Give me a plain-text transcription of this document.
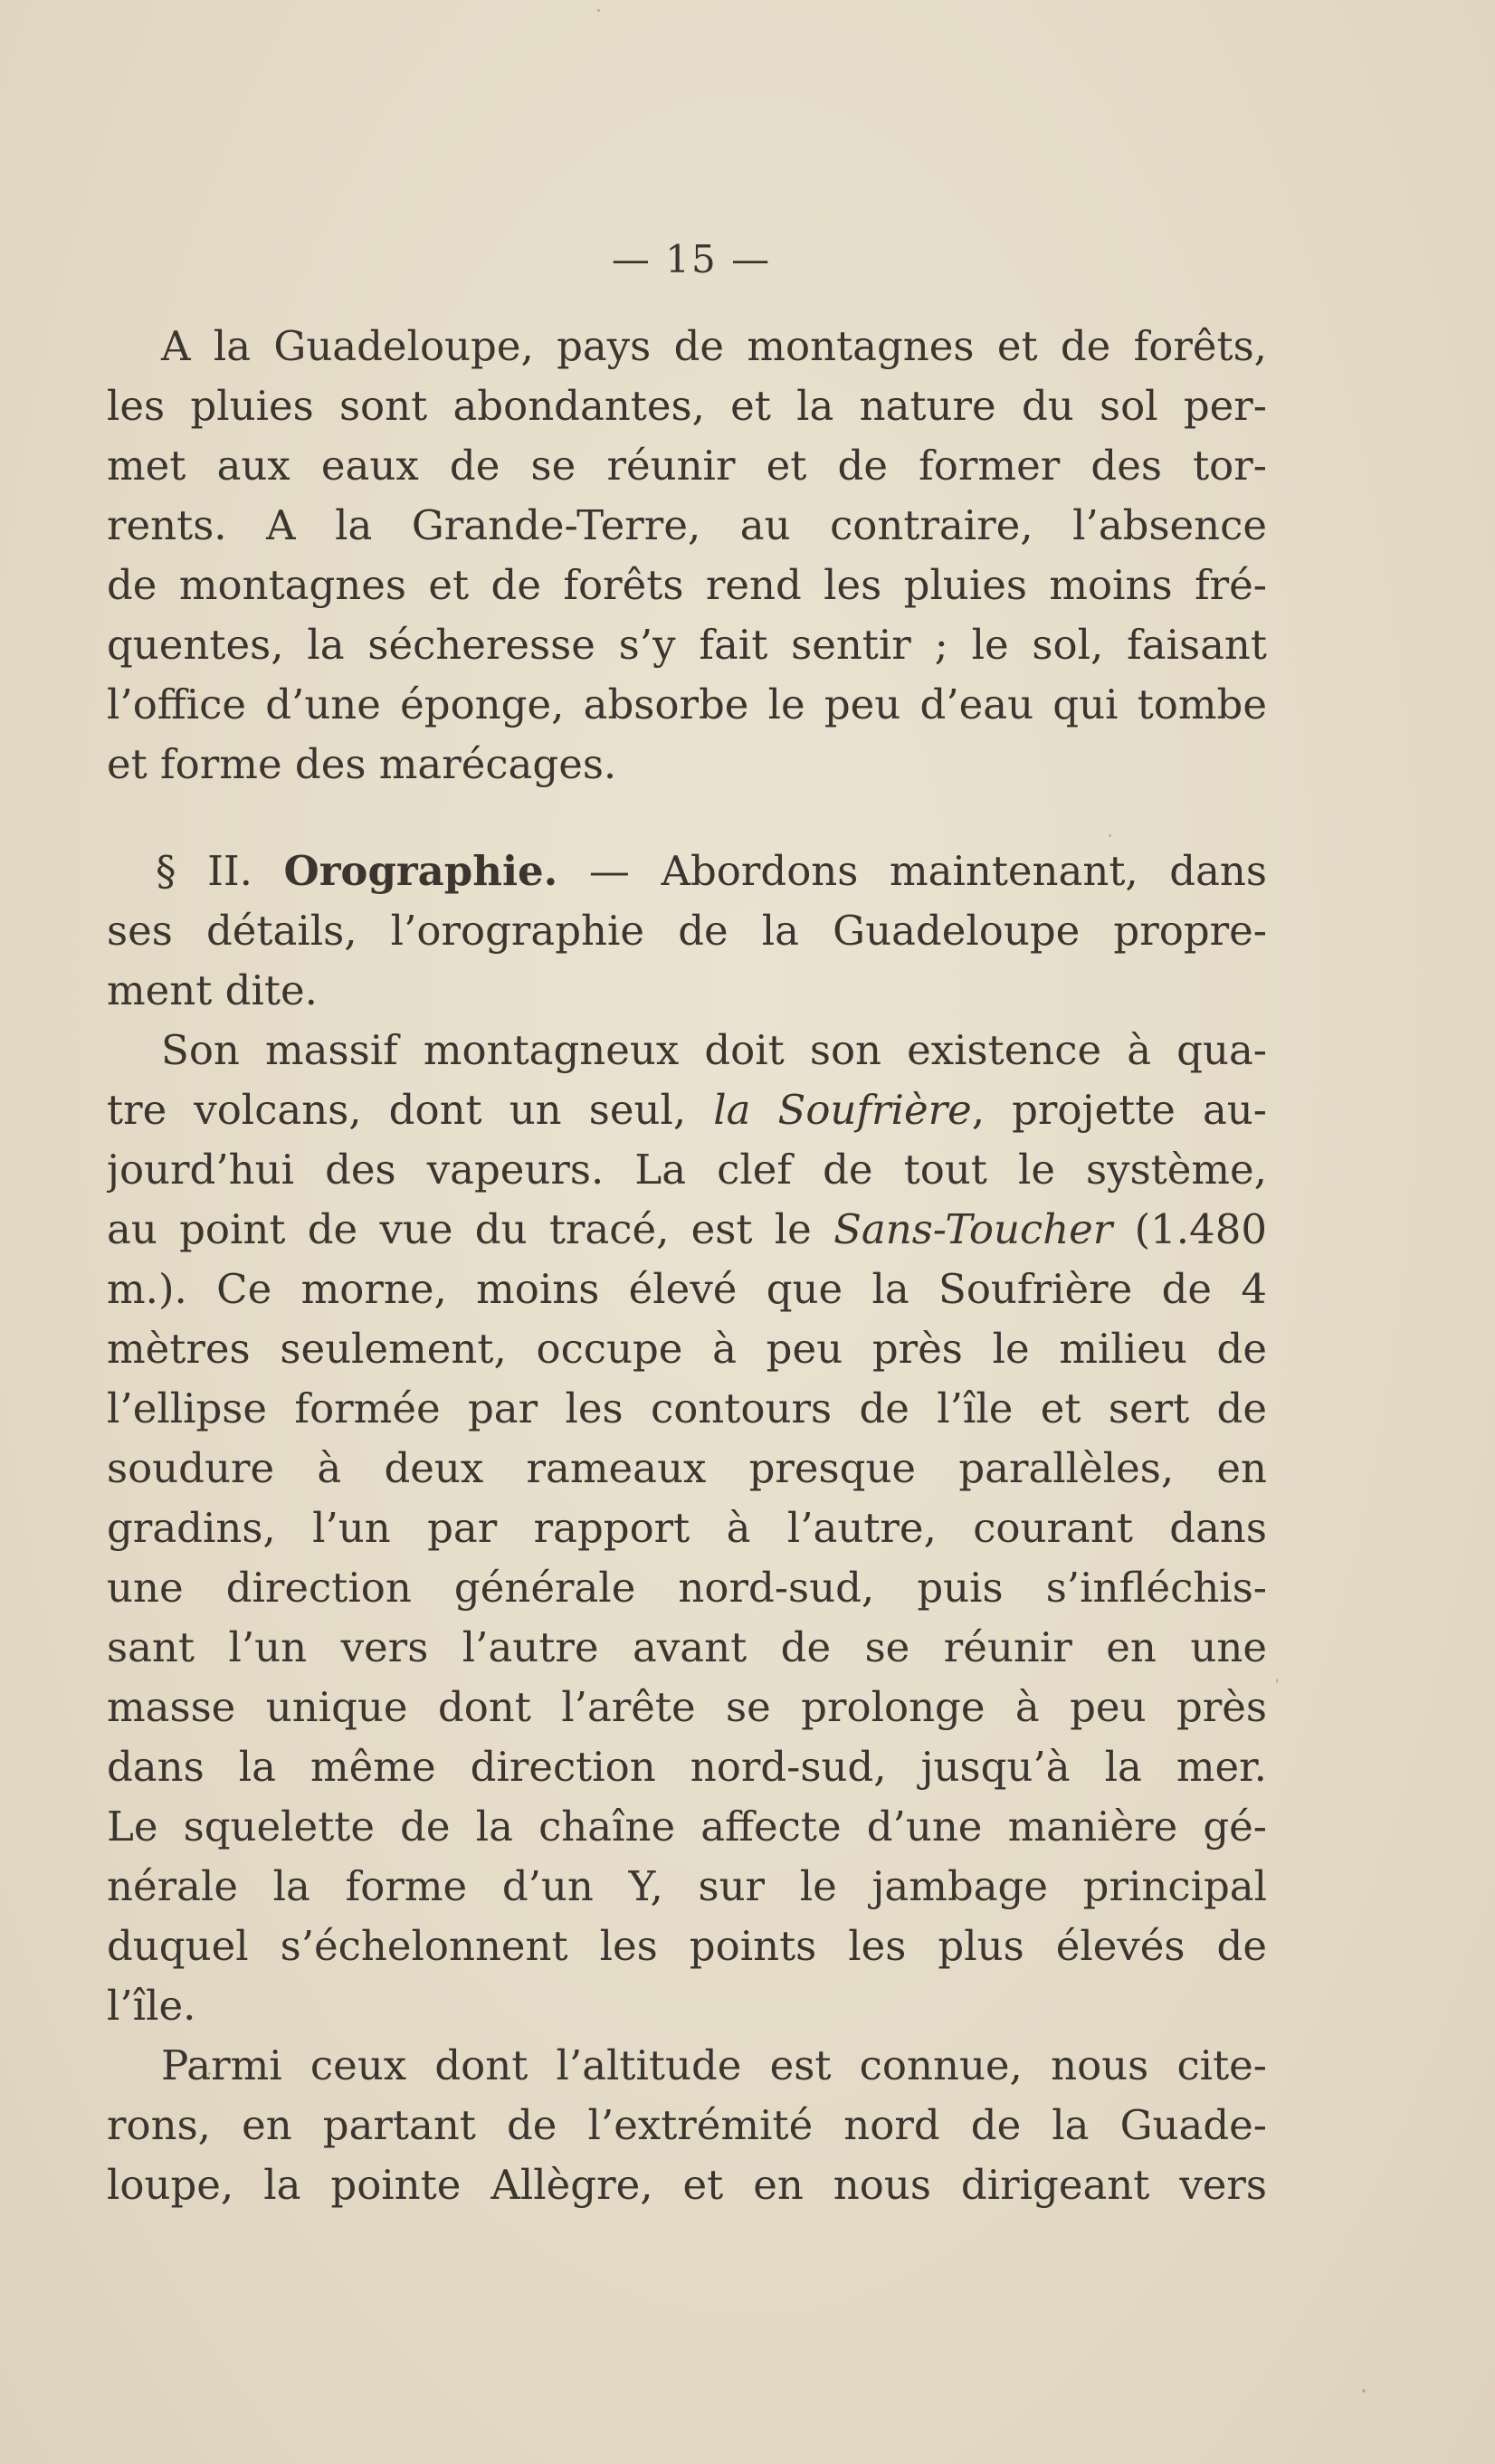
— 15 —
A la Guadeloupe, pays de montagnes et de forêts,
les pluies sont abondantes, et la nature du sol per-
met aux eaux de se réunir et de former des tor-
rents. A la Grande-Terre, au contraire, l’absence
de montagnes et de forêts rend les pluies moins fré-
quentes, la sécheresse s’y fait sentir ; le sol, faisant
l’office d’une éponge, absorbe le peu d’eau qui tombe
et forme des marécages.
§ II. Orographie. — Abordons maintenant, dans
ses détails, l’orographie de la Guadeloupe propre-
ment dite.
Son massif montagneux doit son existence à qua-
tre volcans, dont un seul, la Soufrière, projette au-
jourd’hui des vapeurs. La clef de tout le système,
au point de vue du tracé, est le Sans-Toucher (1.480
m.). Ce morne, moins élevé que la Soufrière de 4
mètres seulement, occupe à peu près le milieu de
l’ellipse formée par les contours de l’île et sert de
soudure à deux rameaux presque parallèles, en
gradins, l’un par rapport à l’autre, courant dans
une direction générale nord-sud, puis s’infléchis-
sant l’un vers l’autre avant de se réunir en une
masse unique dont l’arête se prolonge à peu près
dans la même direction nord-sud, jusqu’à la mer.
Le squelette de la chaîne affecte d’une manière gé-
nérale la forme d’un Y, sur le jambage principal
duquel s’échelonnent les points les plus élevés de
l’île.
Parmi ceux dont l’altitude est connue, nous cite-
rons, en partant de l’extrémité nord de la Guade-
loupe, la pointe Allègre, et en nous dirigeant vers
